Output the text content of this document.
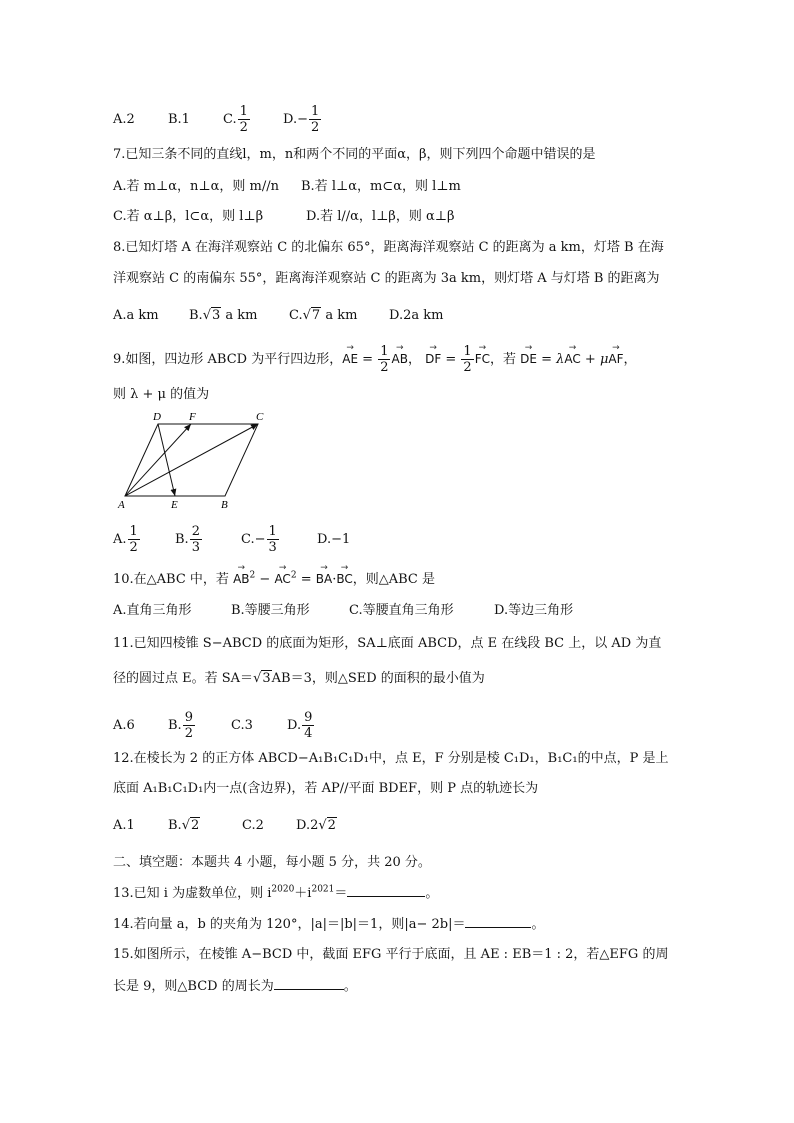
A.2	B.1	C. $\frac{1}{2}$	$D.- \frac{1}{2}$
7.已知三条不同的直线l，m，n和两个不同的平面α，β，则下列四个命题中错误的是
A.若 m⊥α，n⊥α，则 m//n B.若 l⊥α，m⊂α，则 l⊥m
C.若 α⊥β，l⊂α，则 l⊥β	D.若 l//α，l⊥β，则 α⊥β
8.已知灯塔 A 在海洋观察站 C 的北偏东 65°，距离海洋观察站 C 的距离为 a km，灯塔 B 在海
洋观察站 C 的南偏东 55°，距离海洋观察站 C 的距离为 3a km，则灯塔 A 与灯塔 B 的距离为
A.a km B.√3 a km C.√7 a km D.2a km
9.如图，四边形 ABCD 为平行四边形，→ AE = $\frac{1}{2}$ → AB， → DF = $\frac{1}{2}$ → FC，若 → DE = λ→ AC + μ→ AF，
则 λ + μ 的值为
D	F	C
A	E	B
A. $\frac{1}{2}$	B. $\frac{2}{3}$	$C.- \frac{1}{3}$	D.−1
10.在△ABC 中，若 → $AB^2$ − → $AC^2$ = → BA·→ BC，则△ABC 是
A.直角三角形	B.等腰三角形	C.等腰直角三角形	D.等边三角形
11.已知四棱锥 S−ABCD 的底面为矩形，SA⊥底面 ABCD，点 E 在线段 BC 上，以 AD 为直
径的圆过点 E。若 SA＝√3AB＝3，则△SED 的面积的最小值为
A.6	B. $\frac{9}{2}$	C.3	D. $\frac{9}{4}$
12.在棱长为 2 的正方体 ABCD−A₁B₁C₁D₁中，点 E，F 分别是棱 C₁D₁，B₁C₁的中点，P 是上
底面 A₁B₁C₁D₁内一点(含边界)，若 AP//平面 BDEF，则 P 点的轨迹长为
A.1	B.√2	C.2 D.2√2
二、填空题：本题共 4 小题，每小题 5 分，共 20 分。
13.已知 i 为虚数单位，则 $i^{2020}+i^{2021}=$	。
14.若向量 a，b 的夹角为 120°，|a|＝|b|＝1，则|a− 2b|＝	。
15.如图所示，在棱锥 A−BCD 中，截面 EFG 平行于底面，且 AE : EB＝1 : 2，若△EFG 的周
长是 9，则△BCD 的周长为	。
